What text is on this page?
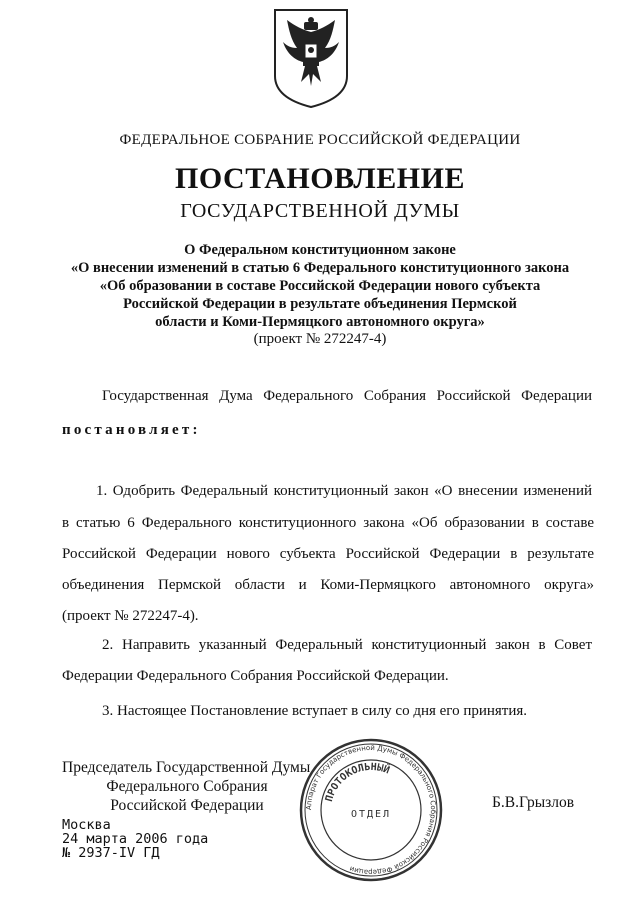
ФЕДЕРАЛЬНОЕ СОБРАНИЕ РОССИЙСКОЙ ФЕДЕРАЦИИ
ПОСТАНОВЛЕНИЕ
ГОСУДАРСТВЕННОЙ ДУМЫ
О Федеральном конституционном законе
«О внесении изменений в статью 6 Федерального конституционного закона
«Об образовании в составе Российской Федерации нового субъекта
Российской Федерации в результате объединения Пермской
области и Коми-Пермяцкого автономного округа»
(проект № 272247-4)
Государственная Дума Федерального Собрания Российской Федерации
постановляет:
1. Одобрить Федеральный конституционный закон «О внесении изменений
в статью 6 Федерального конституционного закона «Об образовании в составе
Российской Федерации нового субъекта Российской Федерации в результате
объединения Пермской области и Коми-Пермяцкого автономного округа»
(проект № 272247-4).
2. Направить указанный Федеральный конституционный закон в Совет
Федерации Федерального Собрания Российской Федерации.
3. Настоящее Постановление вступает в силу со дня его принятия.
Председатель Государственной Думы
Федерального Собрания
Российской Федерации	Б.В.Грызлов
Москва
24 марта 2006 года
№ 2937-IV ГД
Аппарат Государственной Думы Федерального Собрания Российской Федерации
ПРОТОКОЛЬНЫЙ
ОТДЕЛ
